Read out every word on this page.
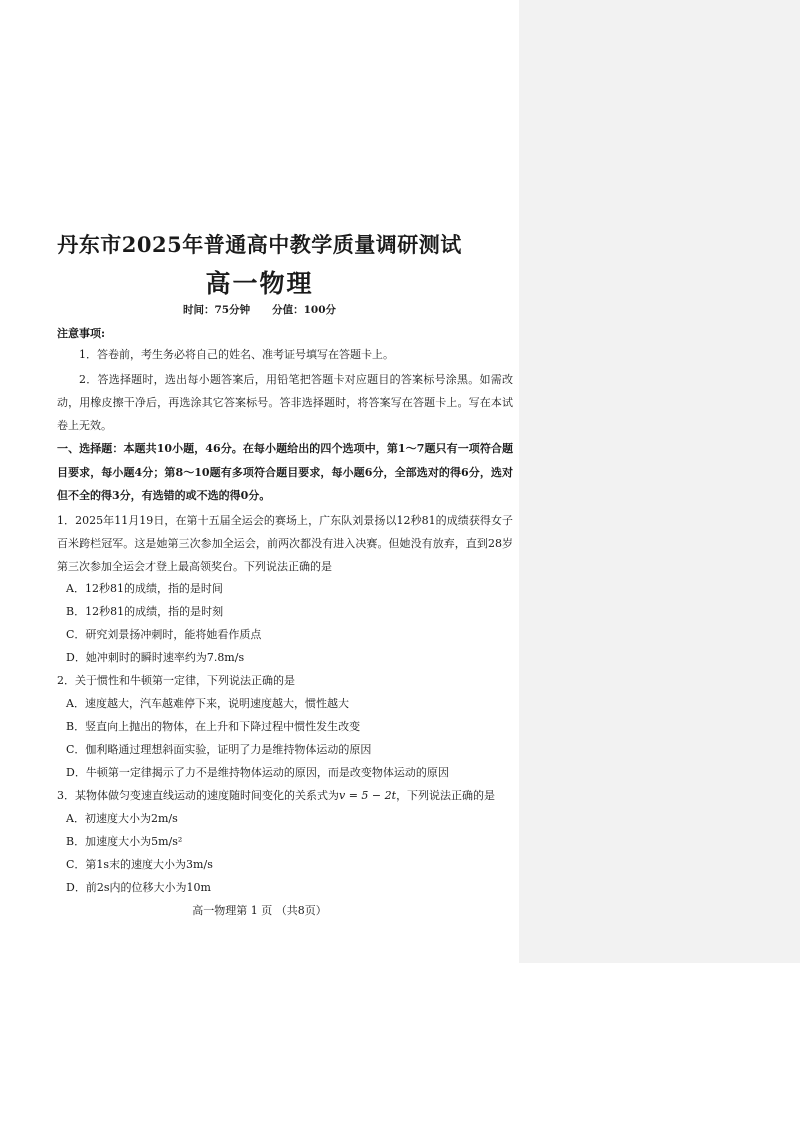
丹东市2025年普通高中教学质量调研测试
高一物理
时间：75分钟 分值：100分
注意事项:
1．答卷前，考生务必将自己的姓名、准考证号填写在答题卡上。
2．答选择题时，选出每小题答案后，用铅笔把答题卡对应题目的答案标号涂黑。如需改动，用橡皮擦干净后，再选涂其它答案标号。答非选择题时，将答案写在答题卡上。写在本试卷上无效。
一、选择题：本题共10小题，46分。在每小题给出的四个选项中，第1～7题只有一项符合题目要求，每小题4分；第8～10题有多项符合题目要求，每小题6分，全部选对的得6分，选对但不全的得3分，有选错的或不选的得0分。
1．2025年11月19日，在第十五届全运会的赛场上，广东队刘景扬以12秒81的成绩获得女子百米跨栏冠军。这是她第三次参加全运会，前两次都没有进入决赛。但她没有放弃，直到28岁第三次参加全运会才登上最高领奖台。下列说法正确的是
A．12秒81的成绩，指的是时间
B．12秒81的成绩，指的是时刻
C．研究刘景扬冲刺时，能将她看作质点
D．她冲刺时的瞬时速率约为7.8m/s
2．关于惯性和牛顿第一定律，下列说法正确的是
A．速度越大，汽车越难停下来，说明速度越大，惯性越大
B．竖直向上抛出的物体，在上升和下降过程中惯性发生改变
C．伽利略通过理想斜面实验，证明了力是维持物体运动的原因
D．牛顿第一定律揭示了力不是维持物体运动的原因，而是改变物体运动的原因
3．某物体做匀变速直线运动的速度随时间变化的关系式为v = 5 − 2t，下列说法正确的是
A．初速度大小为2m/s
B．加速度大小为5m/s²
C．第1s末的速度大小为3m/s
D．前2s内的位移大小为10m
高一物理第 1 页 （共8页）
